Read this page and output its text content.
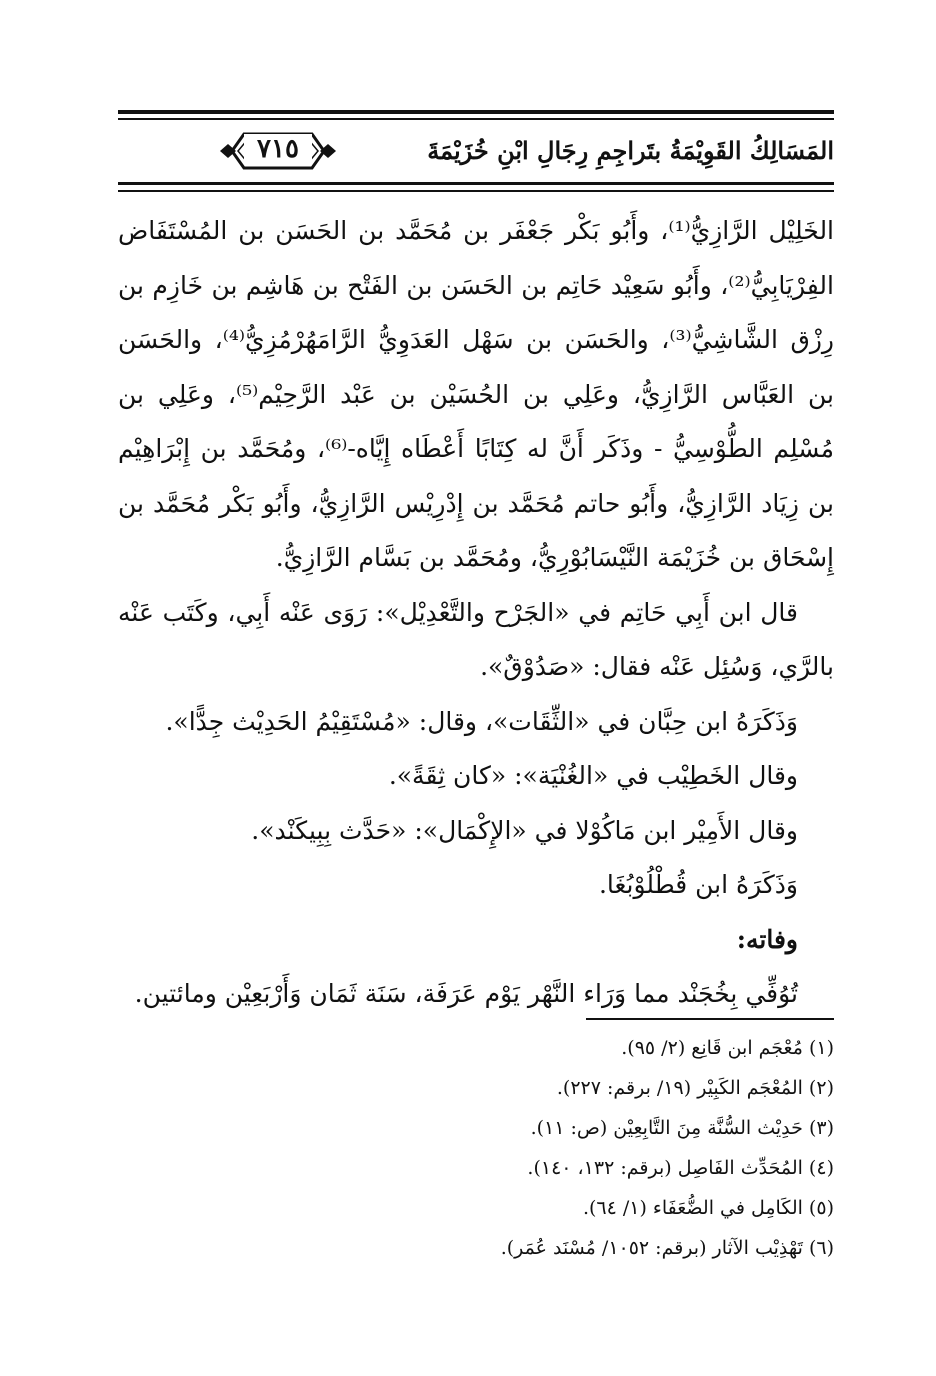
المَسَالِكُ القَوِيْمَةُ بتَراجِمِ رِجَالِ ابْنِ خُزَيْمَةَ
٧١٥

الخَلِيْل الرَّازِيُّ⁽¹⁾، وأَبُو بَكْر جَعْفَر بن مُحَمَّد بن الحَسَن بن المُسْتَفَاض الفِرْيَابِيُّ⁽²⁾، وأَبُو سَعِيْد حَاتِم بن الحَسَن بن الفَتْح بن هَاشِم بن خَازِم بن رِزْق الشَّاشِيُّ⁽³⁾، والحَسَن بن سَهْل العَدَوِيُّ الرَّامَهُرْمُزِيُّ⁽⁴⁾، والحَسَن بن العَبَّاس الرَّازِيُّ، وعَلِي بن الحُسَيْن بن عَبْد الرَّحِيْم⁽⁵⁾، وعَلِي بن مُسْلِم الطُّوْسِيُّ - وذَكَر أَنَّ له كِتَابًا أَعْطَاه إِيَّاه-⁽⁶⁾، ومُحَمَّد بن إِبْرَاهِيْم بن زِيَاد الرَّازِيُّ، وأَبُو حاتم مُحَمَّد بن إِدْرِيْس الرَّازِيُّ، وأَبُو بَكْر مُحَمَّد بن إِسْحَاق بن خُزَيْمَة النَّيْسَابُوْرِيُّ، ومُحَمَّد بن بَسَّام الرَّازِيُّ.

قال ابن أَبِي حَاتِم في «الجَرْح والتَّعْدِيْل»: رَوَى عَنْه أَبِي، وكَتَب عَنْه بالرَّي، وَسُئِل عَنْه فقال: «صَدُوْقٌ».

وَذَكَرَهُ ابن حِبَّان في «الثِّقَات»، وقال: «مُسْتَقِيْمُ الحَدِيْث جِدًّا».

وقال الخَطِيْب في «الغُنْيَة»: «كان ثِقَةً».

وقال الأَمِيْر ابن مَاكُوْلا في «الإِكْمَال»: «حَدَّث بِبِيكَنْد».

وَذَكَرَهُ ابن قُطْلُوْبُغَا.

وفاته:

تُوُفِّي بِخُجَنْد مما وَرَاء النَّهْر يَوْم عَرَفَة، سَنَة ثَمَان وَأَرْبَعِيْن ومائتين.

(١) مُعْجَم ابن قَانِع (٢/ ٩٥).

(٢) المُعْجَم الكَبِيْر (١٩/ برقم: ٢٢٧).

(٣) حَدِيْث السُّنَّة مِنَ التَّابِعِيْن (ص: ١١).

(٤) المُحَدِّث الفَاصِل (برقم: ١٣٢، ١٤٠).

(٥) الكَامِل في الضُّعَفَاء (١/ ٦٤).

(٦) تَهْذِيْب الآثار (برقم: ١٠٥٢/ مُسْنَد عُمَر).
